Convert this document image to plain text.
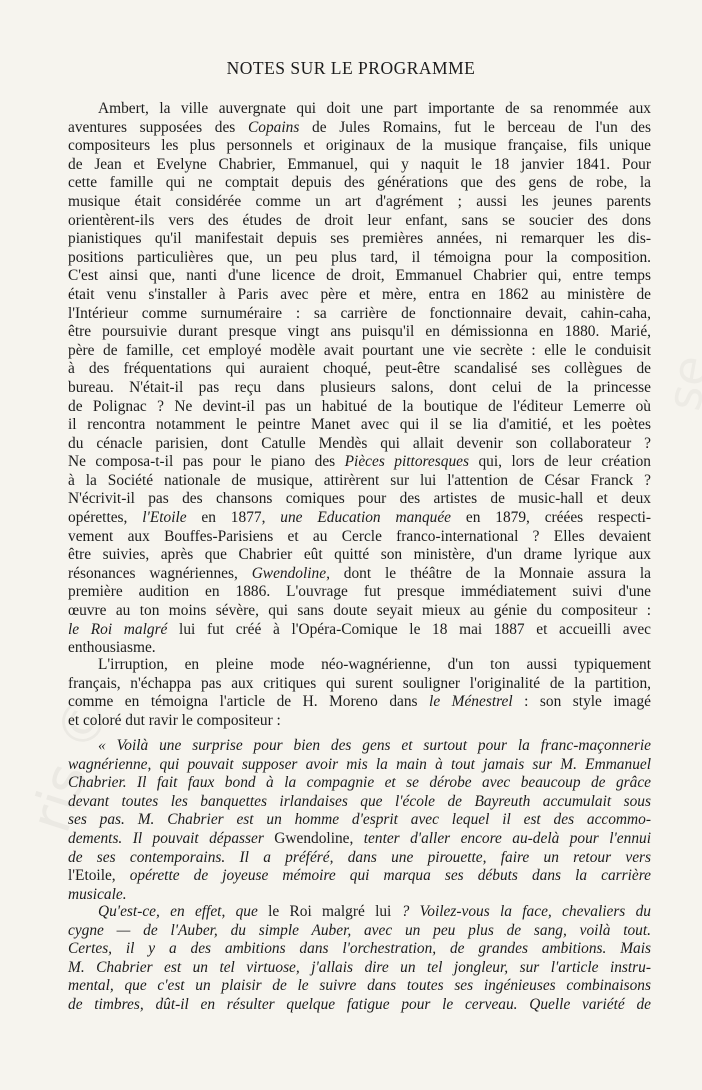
NOTES SUR LE PROGRAMME
Ambert, la ville auvergnate qui doit une part importante de sa renommée aux
aventures supposées des Copains de Jules Romains, fut le berceau de l'un des
compositeurs les plus personnels et originaux de la musique française, fils unique
de Jean et Evelyne Chabrier, Emmanuel, qui y naquit le 18 janvier 1841. Pour
cette famille qui ne comptait depuis des générations que des gens de robe, la
musique était considérée comme un art d'agrément ; aussi les jeunes parents
orientèrent-ils vers des études de droit leur enfant, sans se soucier des dons
pianistiques qu'il manifestait depuis ses premières années, ni remarquer les dis-
positions particulières que, un peu plus tard, il témoigna pour la composition.
C'est ainsi que, nanti d'une licence de droit, Emmanuel Chabrier qui, entre temps
était venu s'installer à Paris avec père et mère, entra en 1862 au ministère de
l'Intérieur comme surnuméraire : sa carrière de fonctionnaire devait, cahin-caha,
être poursuivie durant presque vingt ans puisqu'il en démissionna en 1880. Marié,
père de famille, cet employé modèle avait pourtant une vie secrète : elle le conduisit
à des fréquentations qui auraient choqué, peut-être scandalisé ses collègues de
bureau. N'était-il pas reçu dans plusieurs salons, dont celui de la princesse
de Polignac ? Ne devint-il pas un habitué de la boutique de l'éditeur Lemerre où
il rencontra notamment le peintre Manet avec qui il se lia d'amitié, et les poètes
du cénacle parisien, dont Catulle Mendès qui allait devenir son collaborateur ?
Ne composa-t-il pas pour le piano des Pièces pittoresques qui, lors de leur création
à la Société nationale de musique, attirèrent sur lui l'attention de César Franck ?
N'écrivit-il pas des chansons comiques pour des artistes de music-hall et deux
opérettes, l'Etoile en 1877, une Education manquée en 1879, créées respecti-
vement aux Bouffes-Parisiens et au Cercle franco-international ? Elles devaient
être suivies, après que Chabrier eût quitté son ministère, d'un drame lyrique aux
résonances wagnériennes, Gwendoline, dont le théâtre de la Monnaie assura la
première audition en 1886. L'ouvrage fut presque immédiatement suivi d'une
œuvre au ton moins sévère, qui sans doute seyait mieux au génie du compositeur :
le Roi malgré lui fut créé à l'Opéra-Comique le 18 mai 1887 et accueilli avec
enthousiasme.
L'irruption, en pleine mode néo-wagnérienne, d'un ton aussi typiquement
français, n'échappa pas aux critiques qui surent souligner l'originalité de la partition,
comme en témoigna l'article de H. Moreno dans le Ménestrel : son style imagé
et coloré dut ravir le compositeur :
« Voilà une surprise pour bien des gens et surtout pour la franc-maçonnerie
wagnérienne, qui pouvait supposer avoir mis la main à tout jamais sur M. Emmanuel
Chabrier. Il fait faux bond à la compagnie et se dérobe avec beaucoup de grâce
devant toutes les banquettes irlandaises que l'école de Bayreuth accumulait sous
ses pas. M. Chabrier est un homme d'esprit avec lequel il est des accommo-
dements. Il pouvait dépasser Gwendoline, tenter d'aller encore au-delà pour l'ennui
de ses contemporains. Il a préféré, dans une pirouette, faire un retour vers
l'Etoile, opérette de joyeuse mémoire qui marqua ses débuts dans la carrière
musicale.
Qu'est-ce, en effet, que le Roi malgré lui ? Voilez-vous la face, chevaliers du
cygne — de l'Auber, du simple Auber, avec un peu plus de sang, voilà tout.
Certes, il y a des ambitions dans l'orchestration, de grandes ambitions. Mais
M. Chabrier est un tel virtuose, j'allais dire un tel jongleur, sur l'article instru-
mental, que c'est un plaisir de le suivre dans toutes ses ingénieuses combinaisons
de timbres, dût-il en résulter quelque fatigue pour le cerveau. Quelle variété de
